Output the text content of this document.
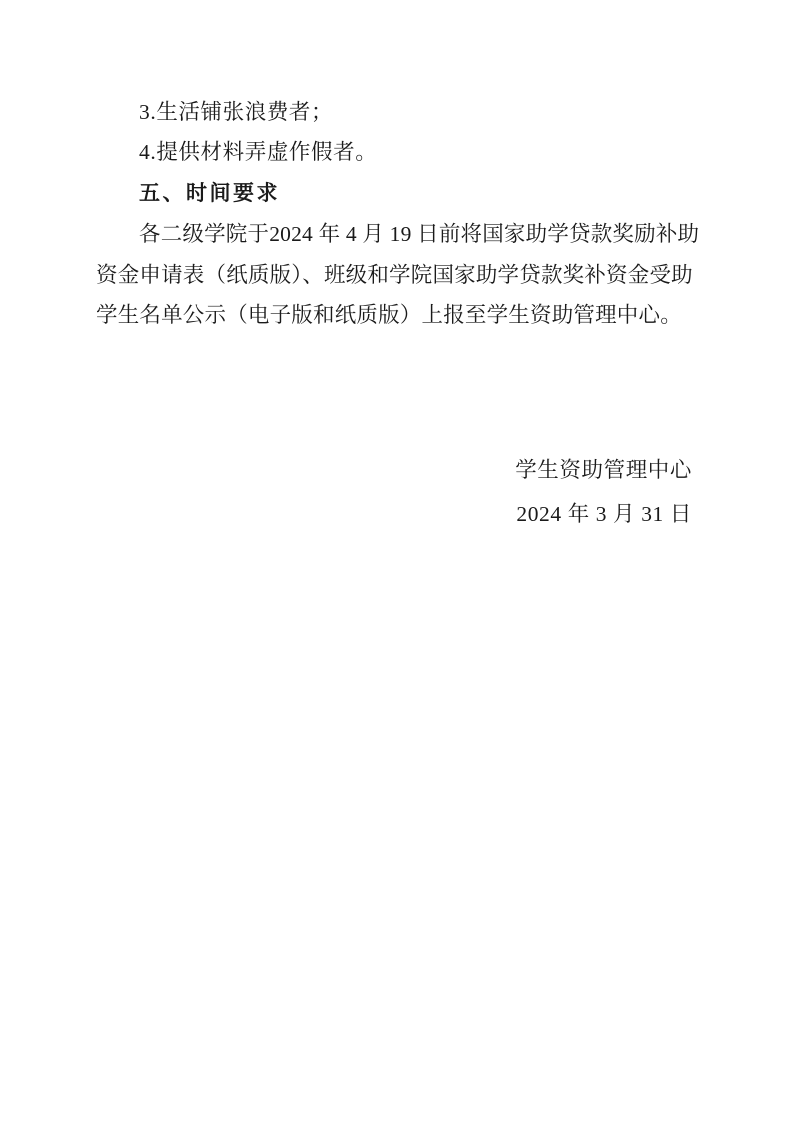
3.生活铺张浪费者；
4.提供材料弄虚作假者。
五、时间要求
各二级学院于2024 年 4 月 19 日前将国家助学贷款奖励补助
资金申请表（纸质版）、班级和学院国家助学贷款奖补资金受助
学生名单公示（电子版和纸质版）上报至学生资助管理中心。
学生资助管理中心
2024 年 3 月 31 日
